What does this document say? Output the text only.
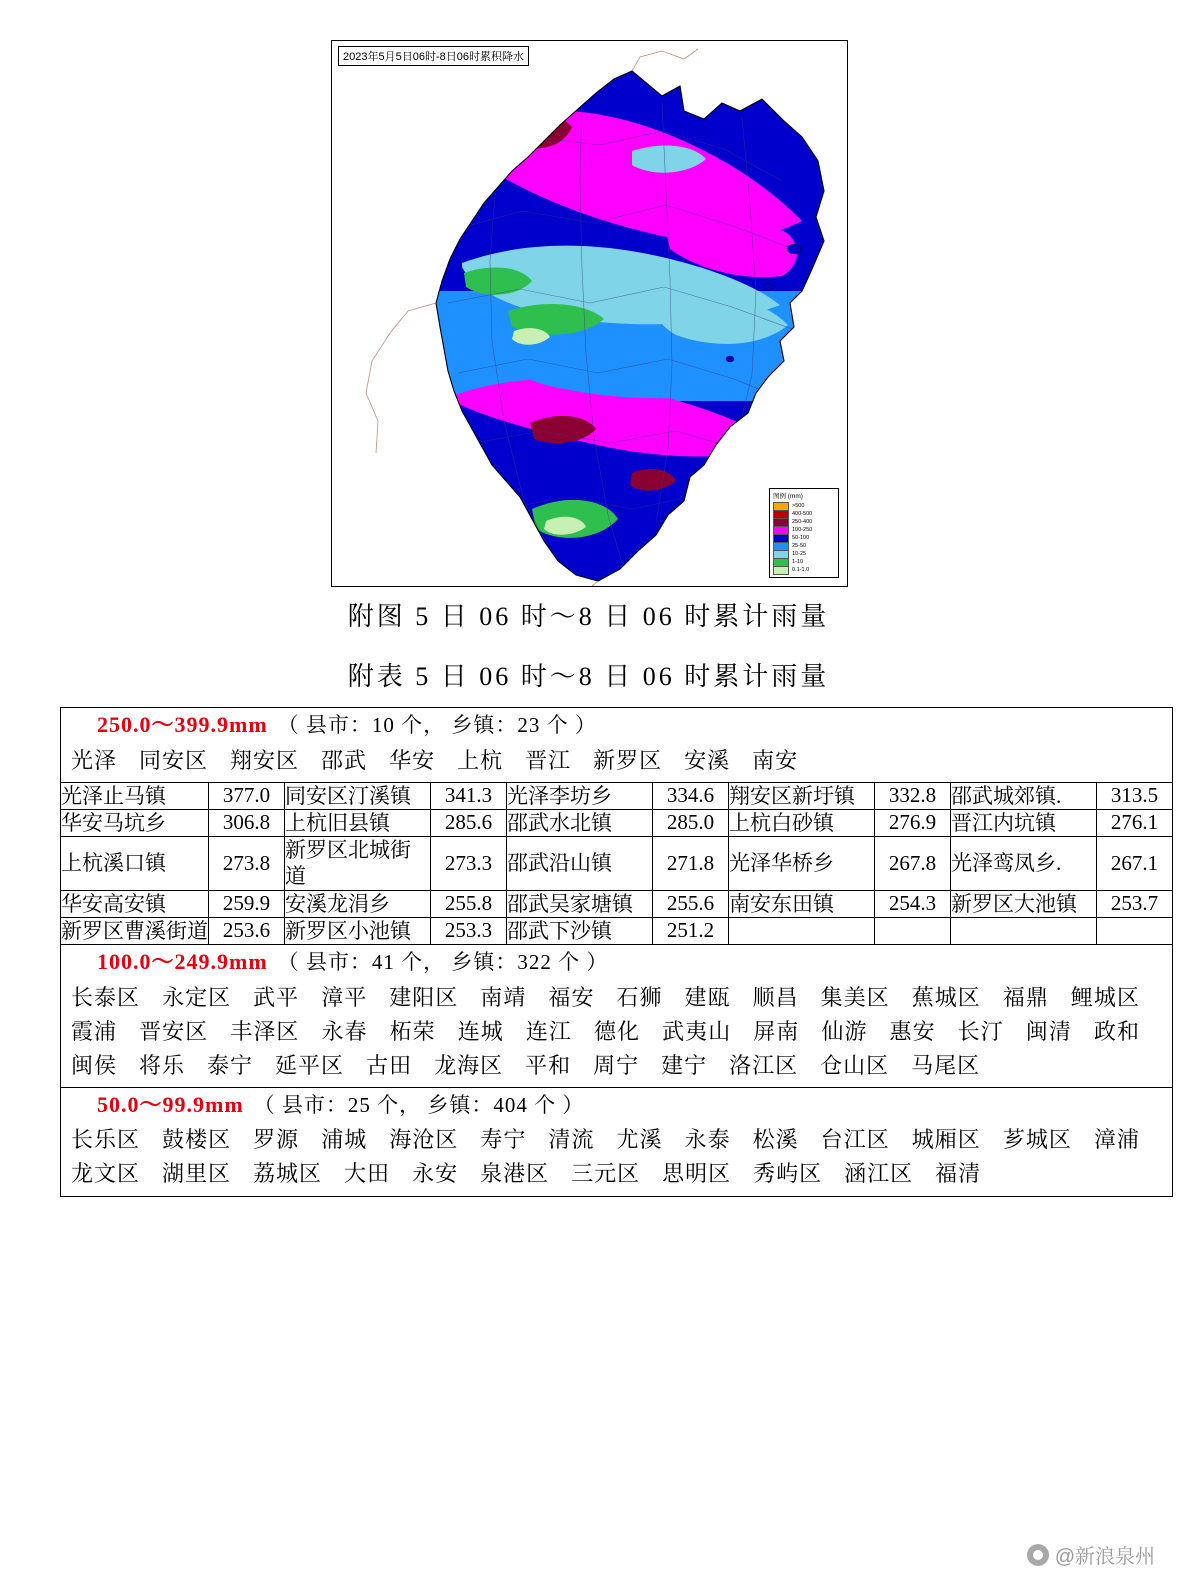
2023年5月5日06时-8日06时累积降水
图例 (mm)
>500
400-500
250-400
100-250
50-100
25-50
10-25
1-10
0.1-1.0
附图 5 日 06 时～8 日 06 时累计雨量
附表 5 日 06 时～8 日 06 时累计雨量
250.0～399.9mm （ 县市：10 个， 乡镇：23 个 ）
光泽 同安区 翔安区 邵武 华安 上杭 晋江 新罗区 安溪 南安									

光泽止马镇	377.0	同安区汀溪镇	341.3	光泽李坊乡	334.6	翔安区新圩镇	332.8	邵武城郊镇.	313.5
华安马坑乡	306.8	上杭旧县镇	285.6	邵武水北镇	285.0	上杭白砂镇	276.9	晋江内坑镇	276.1
上杭溪口镇	273.8	新罗区北城街道	273.3	邵武沿山镇	271.8	光泽华桥乡	267.8	光泽鸾凤乡.	267.1
华安高安镇	259.9	安溪龙涓乡	255.8	邵武吴家塘镇	255.6	南安东田镇	254.3	新罗区大池镇	253.7
新罗区曹溪街道	253.6	新罗区小池镇	253.3	邵武下沙镇	251.2				
100.0～249.9mm （ 县市：41 个， 乡镇：322 个 ）
长泰区 永定区 武平 漳平 建阳区 南靖 福安 石狮 建瓯 顺昌 集美区 蕉城区 福鼎 鲤城区霞浦 晋安区 丰泽区 永春 柘荣 连城 连江 德化 武夷山 屏南 仙游 惠安 长汀 闽清 政和闽侯 将乐 泰宁 延平区 古田 龙海区 平和 周宁 建宁 洛江区 仓山区 马尾区									

50.0～99.9mm （ 县市：25 个， 乡镇：404 个 ）
长乐区 鼓楼区 罗源 浦城 海沧区 寿宁 清流 尤溪 永泰 松溪 台江区 城厢区 芗城区 漳浦龙文区 湖里区 荔城区 大田 永安 泉港区 三元区 思明区 秀屿区 涵江区 福清									
@新浪泉州
